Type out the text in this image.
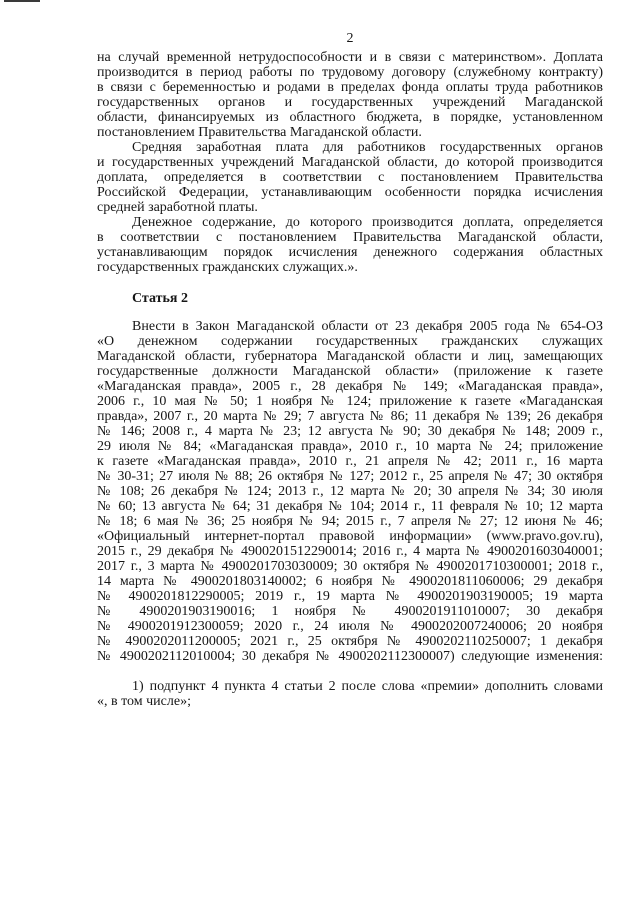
2
на случай временной нетрудоспособности и в связи с материнством». Доплата
производится в период работы по трудовому договору (служебному контракту)
в связи с беременностью и родами в пределах фонда оплаты труда работников
государственных органов и государственных учреждений Магаданской
области, финансируемых из областного бюджета, в порядке, установленном
постановлением Правительства Магаданской области.
Средняя заработная плата для работников государственных органов
и государственных учреждений Магаданской области, до которой производится
доплата, определяется в соответствии с постановлением Правительства
Российской Федерации, устанавливающим особенности порядка исчисления
средней заработной платы.
Денежное содержание, до которого производится доплата, определяется
в соответствии с постановлением Правительства Магаданской области,
устанавливающим порядок исчисления денежного содержания областных
государственных гражданских служащих.».
Статья 2
Внести в Закон Магаданской области от 23 декабря 2005 года № 654-ОЗ
«О денежном содержании государственных гражданских служащих
Магаданской области, губернатора Магаданской области и лиц, замещающих
государственные должности Магаданской области» (приложение к газете
«Магаданская правда», 2005 г., 28 декабря № 149; «Магаданская правда»,
2006 г., 10 мая № 50; 1 ноября № 124; приложение к газете «Магаданская
правда», 2007 г., 20 марта № 29; 7 августа № 86; 11 декабря № 139; 26 декабря
№ 146; 2008 г., 4 марта № 23; 12 августа № 90; 30 декабря № 148; 2009 г.,
29 июля № 84; «Магаданская правда», 2010 г., 10 марта № 24; приложение
к газете «Магаданская правда», 2010 г., 21 апреля № 42; 2011 г., 16 марта
№ 30-31; 27 июля № 88; 26 октября № 127; 2012 г., 25 апреля № 47; 30 октября
№ 108; 26 декабря № 124; 2013 г., 12 марта № 20; 30 апреля № 34; 30 июля
№ 60; 13 августа № 64; 31 декабря № 104; 2014 г., 11 февраля № 10; 12 марта
№ 18; 6 мая № 36; 25 ноября № 94; 2015 г., 7 апреля № 27; 12 июня № 46;
«Официальный интернет-портал правовой информации» (www.pravo.gov.ru),
2015 г., 29 декабря № 4900201512290014; 2016 г., 4 марта № 4900201603040001;
2017 г., 3 марта № 4900201703030009; 30 октября № 4900201710300001; 2018 г.,
14 марта № 4900201803140002; 6 ноября № 4900201811060006; 29 декабря
№ 4900201812290005; 2019 г., 19 марта № 4900201903190005; 19 марта
№ 4900201903190016; 1 ноября № 4900201911010007; 30 декабря
№ 4900201912300059; 2020 г., 24 июля № 4900202007240006; 20 ноября
№ 4900202011200005; 2021 г., 25 октября № 4900202110250007; 1 декабря
№ 4900202112010004; 30 декабря № 4900202112300007) следующие изменения:
1) подпункт 4 пункта 4 статьи 2 после слова «премии» дополнить словами
«, в том числе»;
